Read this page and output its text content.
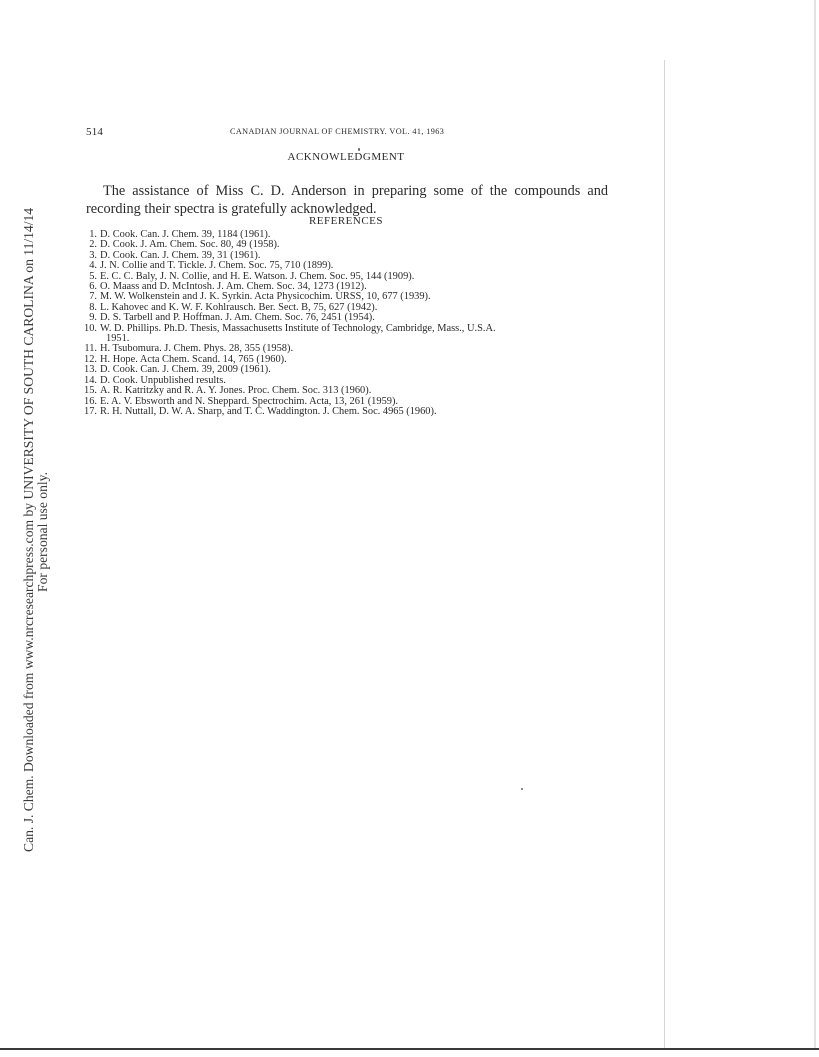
Can. J. Chem. Downloaded from www.nrcresearchpress.com by UNIVERSITY OF SOUTH CAROLINA on 11/14/14 For personal use only.
514	CANADIAN JOURNAL OF CHEMISTRY. VOL. 41, 1963
ACKNOWLEDGMENT

The assistance of Miss C. D. Anderson in preparing some of the compounds and recording their spectra is gratefully acknowledged.

REFERENCES
1. D. Cook. Can. J. Chem. 39, 1184 (1961).
2. D. Cook. J. Am. Chem. Soc. 80, 49 (1958).
3. D. Cook. Can. J. Chem. 39, 31 (1961).
4. J. N. Collie and T. Tickle. J. Chem. Soc. 75, 710 (1899).
5. E. C. C. Baly, J. N. Collie, and H. E. Watson. J. Chem. Soc. 95, 144 (1909).
6. O. Maass and D. McIntosh. J. Am. Chem. Soc. 34, 1273 (1912).
7. M. W. Wolkenstein and J. K. Syrkin. Acta Physicochim. URSS, 10, 677 (1939).
8. L. Kahovec and K. W. F. Kohlrausch. Ber. Sect. B, 75, 627 (1942).
9. D. S. Tarbell and P. Hoffman. J. Am. Chem. Soc. 76, 2451 (1954).
10. W. D. Phillips. Ph.D. Thesis, Massachusetts Institute of Technology, Cambridge, Mass., U.S.A.
1951.
11. H. Tsubomura. J. Chem. Phys. 28, 355 (1958).
12. H. Hope. Acta Chem. Scand. 14, 765 (1960).
13. D. Cook. Can. J. Chem. 39, 2009 (1961).
14. D. Cook. Unpublished results.
15. A. R. Katritzky and R. A. Y. Jones. Proc. Chem. Soc. 313 (1960).
16. E. A. V. Ebsworth and N. Sheppard. Spectrochim. Acta, 13, 261 (1959).
17. R. H. Nuttall, D. W. A. Sharp, and T. C. Waddington. J. Chem. Soc. 4965 (1960).
